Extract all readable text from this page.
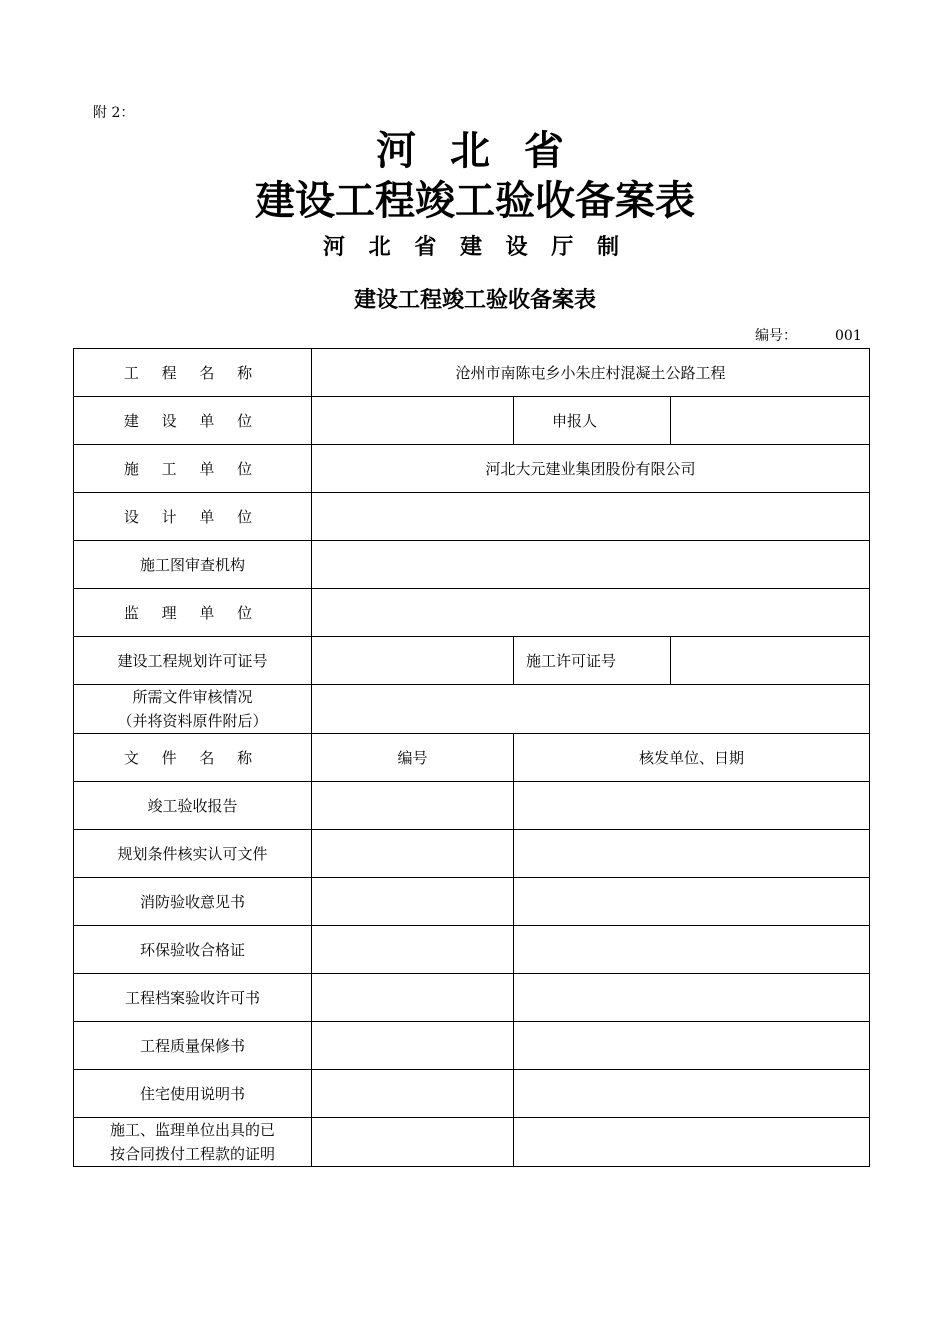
附 2：
河 北 省
建设工程竣工验收备案表
河 北 省 建 设 厅 制
建设工程竣工验收备案表
编号：	001
工 程 名 称	沧州市南陈屯乡小朱庄村混凝土公路工程		
建 设 单 位		申报人	
施 工 单 位	河北大元建业集团股份有限公司		
设 计 单 位			
施工图审查机构			
监 理 单 位			
建设工程规划许可证号		施工许可证号	

所需文件审核情况
（并将资料原件附后）			

文 件 名 称	编号	核发单位、日期	
竣工验收报告			
规划条件核实认可文件			
消防验收意见书			
环保验收合格证			
工程档案验收许可书			
工程质量保修书			
住宅使用说明书			

施工、监理单位出具的已
按合同拨付工程款的证明			
